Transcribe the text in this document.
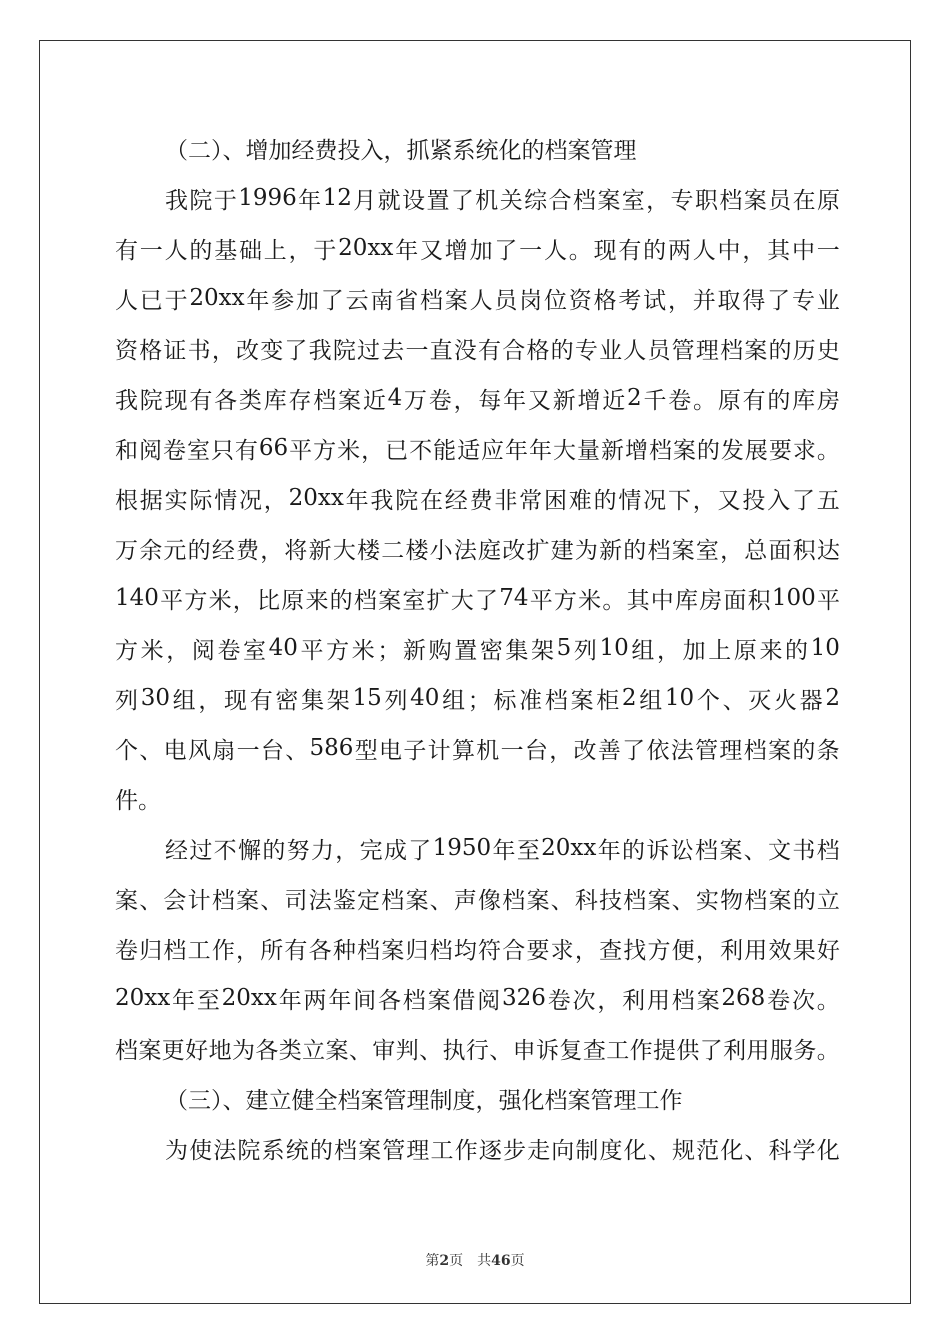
（二）、增加经费投入，抓紧系统化的档案管理
我 院 于 1996 年 12 月 就 设 置 了 机 关 综 合 档 案 室 ， 专 职 档 案 员 在 原
有 一 人 的 基 础 上 ， 于 20xx 年 又 增 加 了 一 人 。 现 有 的 两 人 中 ， 其 中 一
人 已 于 20xx 年 参 加 了 云 南 省 档 案 人 员 岗 位 资 格 考 试 ， 并 取 得 了 专 业
资 格 证 书 ， 改 变 了 我 院 过 去 一 直 没 有 合 格 的 专 业 人 员 管 理 档 案 的 历 史
我 院 现 有 各 类 库 存 档 案 近 4 万 卷 ， 每 年 又 新 增 近 2 千 卷 。 原 有 的 库 房
和 阅 卷 室 只 有 66 平 方 米 ， 已 不 能 适 应 年 年 大 量 新 增 档 案 的 发 展 要 求 。
根 据 实 际 情 况 ， 20xx 年 我 院 在 经 费 非 常 困 难 的 情 况 下 ， 又 投 入 了 五
万 余 元 的 经 费 ， 将 新 大 楼 二 楼 小 法 庭 改 扩 建 为 新 的 档 案 室 ， 总 面 积 达
140 平 方 米 ， 比 原 来 的 档 案 室 扩 大 了 74 平 方 米 。 其 中 库 房 面 积 100 平
方 米 ， 阅 卷 室 40 平 方 米 ； 新 购 置 密 集 架 5 列 10 组 ， 加 上 原 来 的 10
列 30 组 ， 现 有 密 集 架 15 列 40 组 ； 标 准 档 案 柜 2 组 10 个 、 灭 火 器 2
个 、 电 风 扇 一 台 、 586 型 电 子 计 算 机 一 台 ， 改 善 了 依 法 管 理 档 案 的 条
件。
经 过 不 懈 的 努 力 ， 完 成 了 1950 年 至 20xx 年 的 诉 讼 档 案 、 文 书 档
案 、 会 计 档 案 、 司 法 鉴 定 档 案 、 声 像 档 案 、 科 技 档 案 、 实 物 档 案 的 立
卷 归 档 工 作 ， 所 有 各 种 档 案 归 档 均 符 合 要 求 ， 查 找 方 便 ， 利 用 效 果 好
20xx 年 至 20xx 年 两 年 间 各 档 案 借 阅 326 卷 次 ， 利 用 档 案 268 卷 次 。
档 案 更 好 地 为 各 类 立 案 、 审 判 、 执 行 、 申 诉 复 查 工 作 提 供 了 利 用 服 务 。
（三）、建立健全档案管理制度，强化档案管理工作
为 使 法 院 系 统 的 档 案 管 理 工 作 逐 步 走 向 制 度 化 、 规 范 化 、 科 学 化
第2页　共46页
